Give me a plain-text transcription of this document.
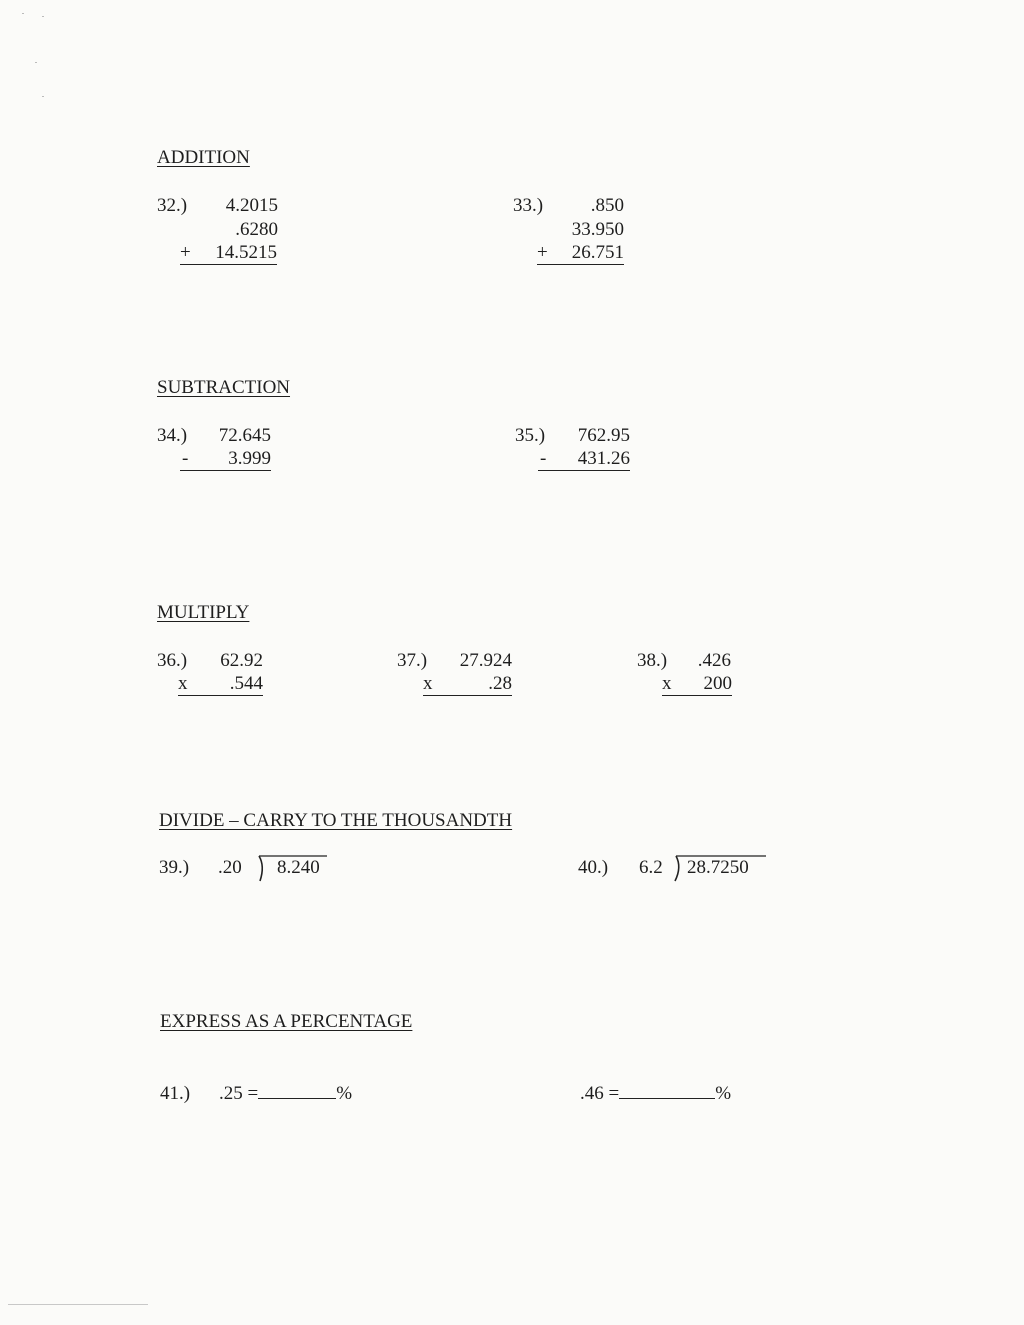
ADDITION
32.) 4.2015
.6280
+ 14.5215
33.)	.850
33.950
+ 26.751
SUBTRACTION
34.) 72.645
- 3.999
35.) 762.95
- 431.26
MULTIPLY
36.) 62.92
x .544
37.) 27.924
x	.28
38.) .426
x 200
DIVIDE – CARRY TO THE THOUSANDTH
39.) .20 8.240	40.) 6.2 28.7250
EXPRESS AS A PERCENTAGE
41.) .25 =	%	.46 =	%
